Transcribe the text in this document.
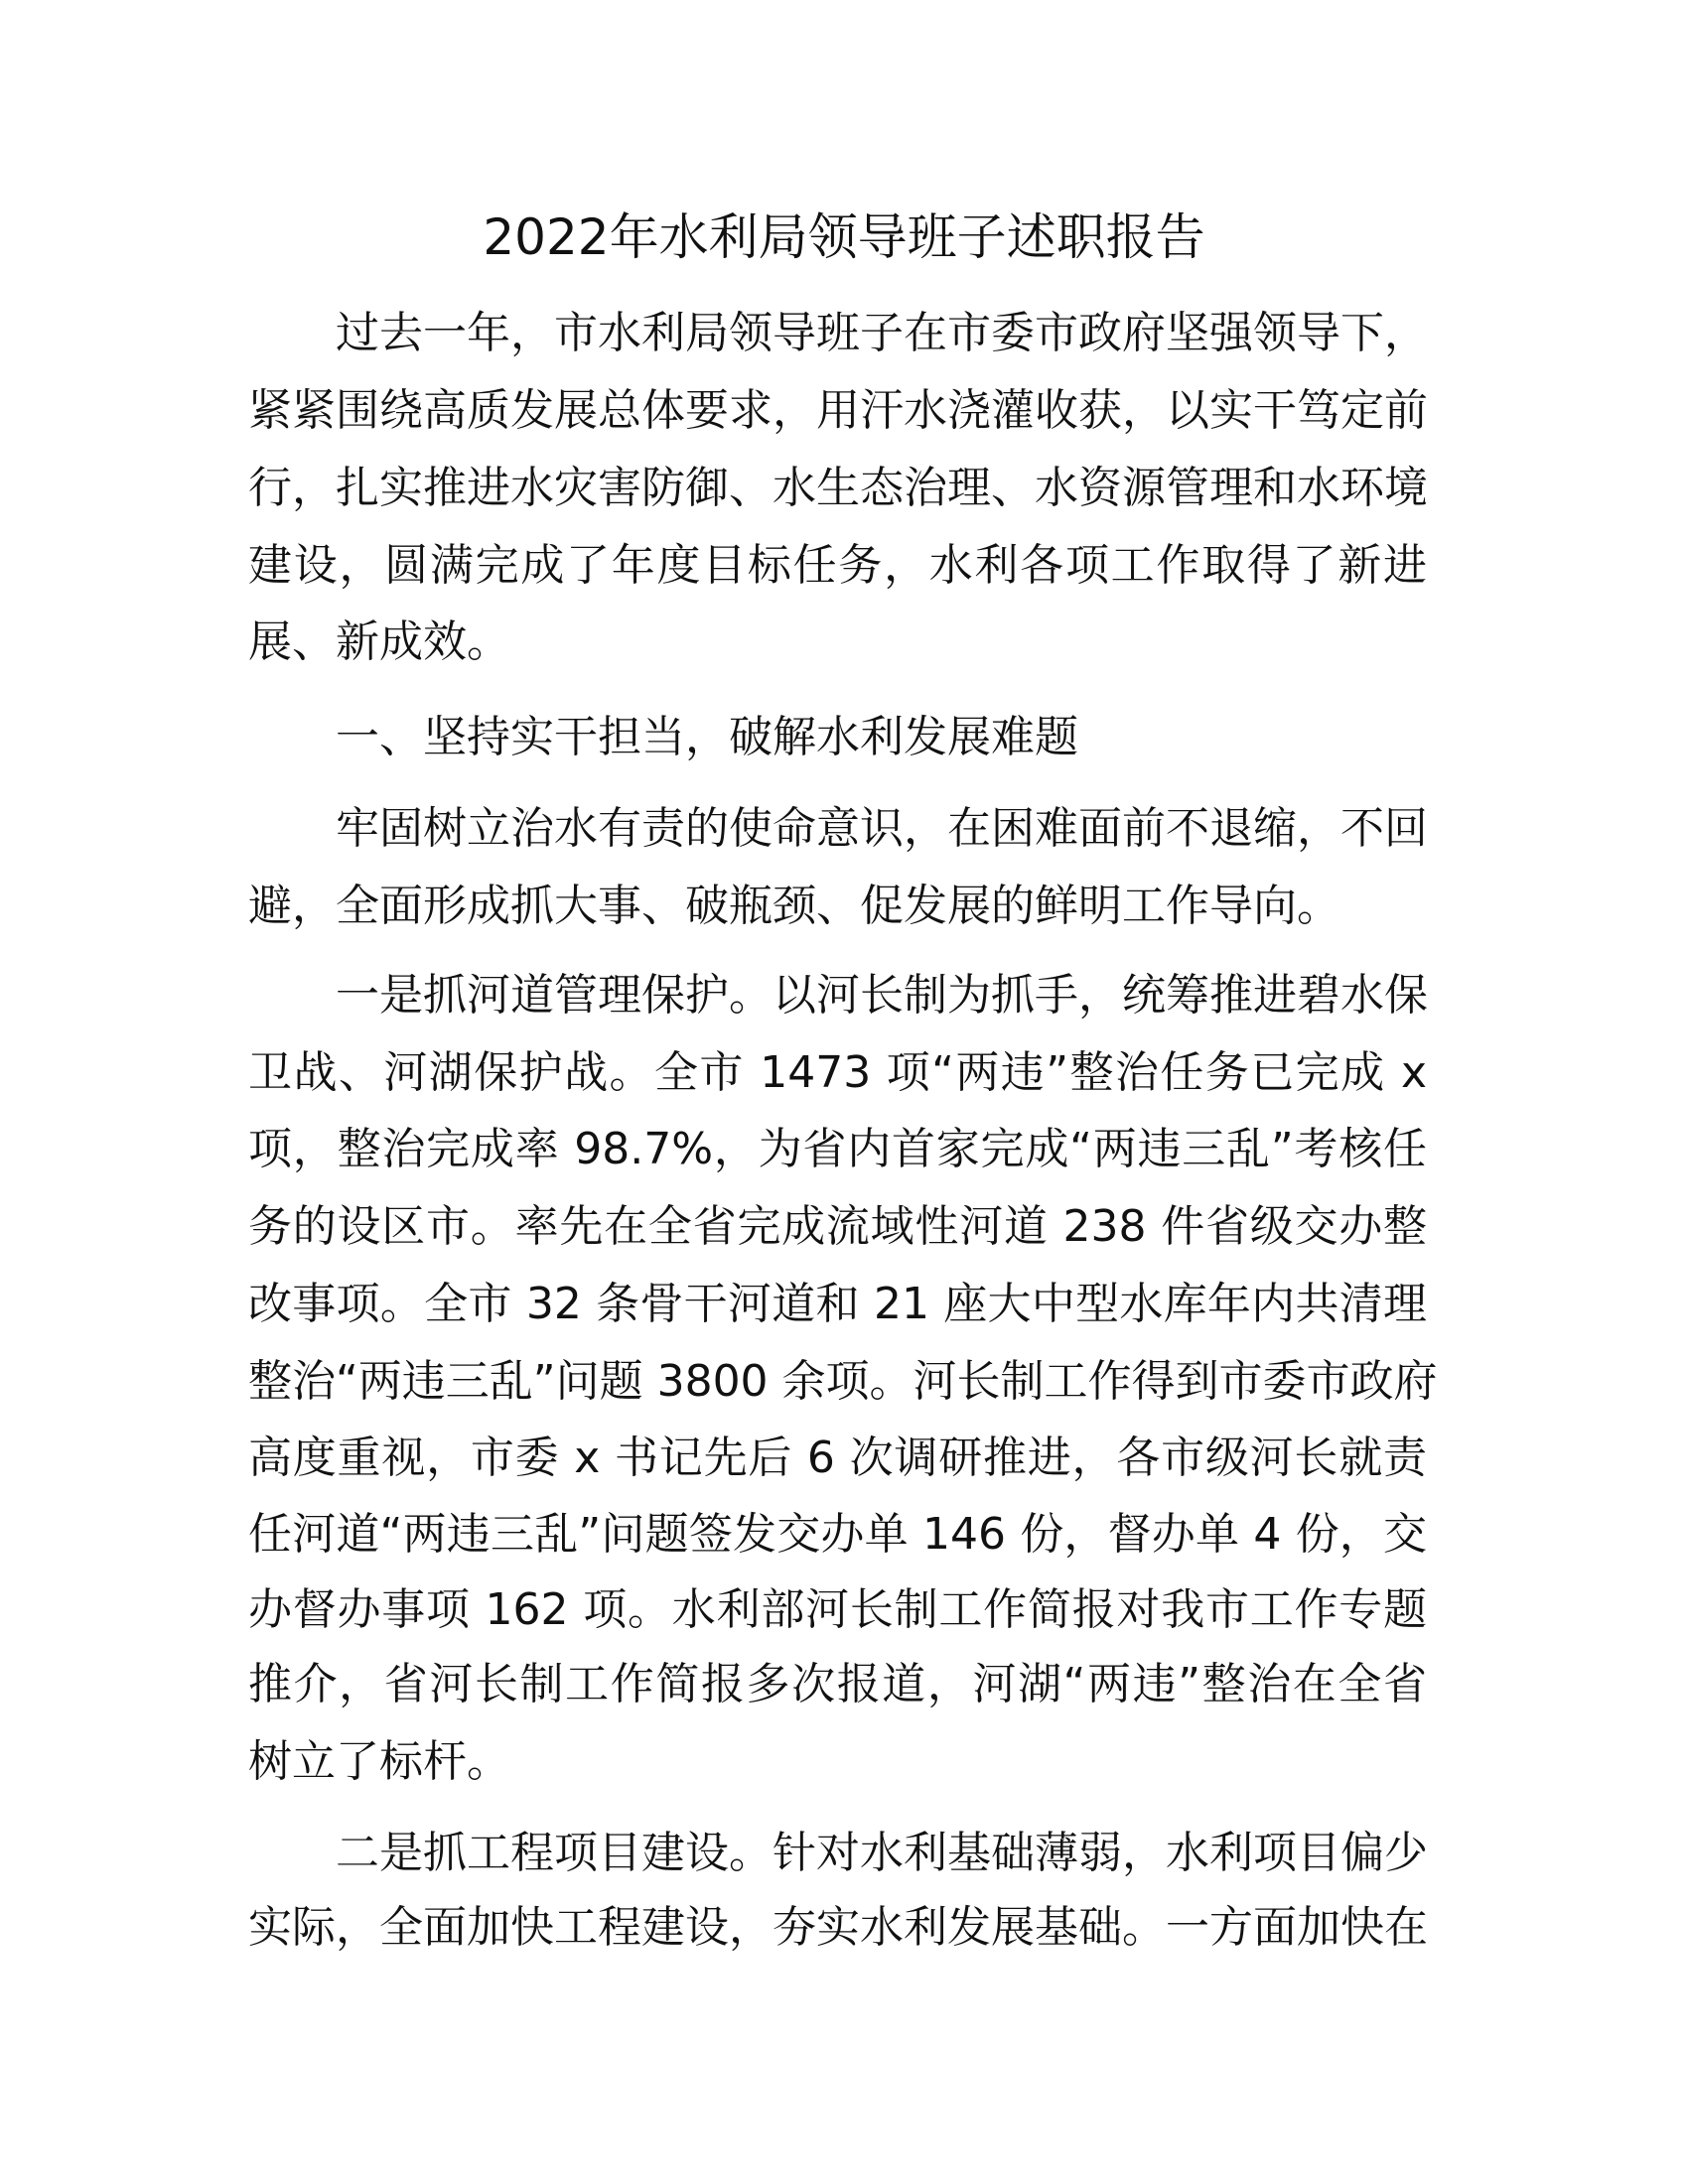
2022年水利局领导班子述职报告
过去一年，市水利局领导班子在市委市政府坚强领导下，
紧紧围绕高质发展总体要求，用汗水浇灌收获，以实干笃定前
行，扎实推进水灾害防御、水生态治理、水资源管理和水环境
建设，圆满完成了年度目标任务，水利各项工作取得了新进
展、新成效。
一、坚持实干担当，破解水利发展难题
牢固树立治水有责的使命意识，在困难面前不退缩，不回
避，全面形成抓大事、破瓶颈、促发展的鲜明工作导向。
一是抓河道管理保护。以河长制为抓手，统筹推进碧水保
卫战、河湖保护战。全市 1473 项“两违”整治任务已完成 x
项，整治完成率 98.7%，为省内首家完成“两违三乱”考核任
务的设区市。率先在全省完成流域性河道 238 件省级交办整
改事项。全市 32 条骨干河道和 21 座大中型水库年内共清理
整治“两违三乱”问题 3800 余项。河长制工作得到市委市政府
高度重视，市委 x 书记先后 6 次调研推进，各市级河长就责
任河道“两违三乱”问题签发交办单 146 份，督办单 4 份，交
办督办事项 162 项。水利部河长制工作简报对我市工作专题
推介，省河长制工作简报多次报道，河湖“两违”整治在全省
树立了标杆。
二是抓工程项目建设。针对水利基础薄弱，水利项目偏少
实际，全面加快工程建设，夯实水利发展基础。一方面加快在
